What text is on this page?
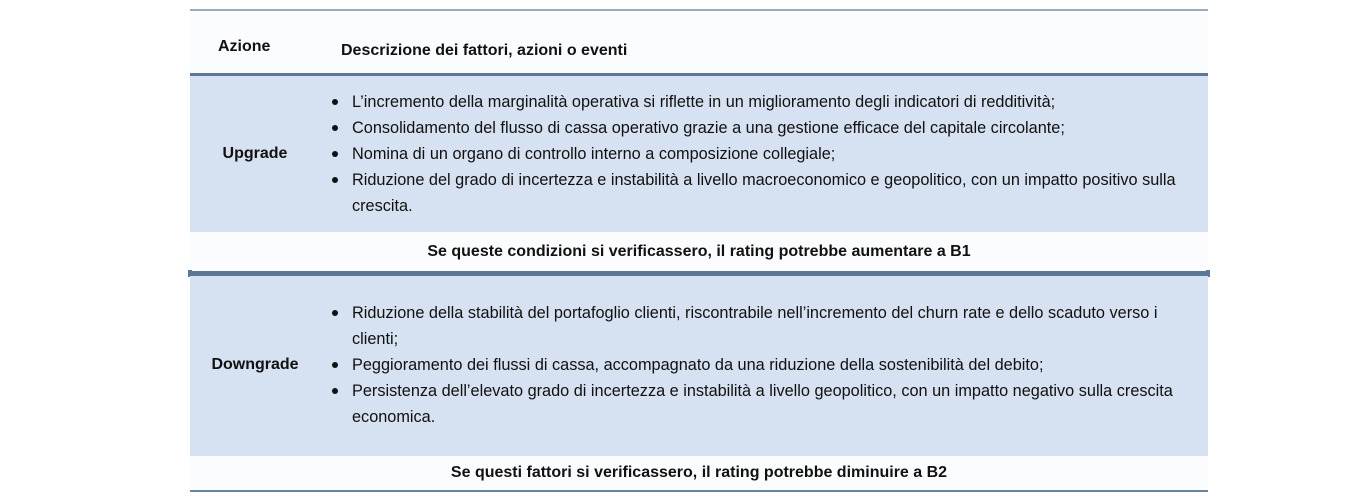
Azione	Descrizione dei fattori, azioni o eventi
Upgrade
L’incremento della marginalità operativa si riflette in un miglioramento degli indicatori di redditività;
Consolidamento del flusso di cassa operativo grazie a una gestione efficace del capitale circolante;
Nomina di un organo di controllo interno a composizione collegiale;
Riduzione del grado di incertezza e instabilità a livello macroeconomico e geopolitico, con un impatto positivo sulla crescita.
Se queste condizioni si verificassero, il rating potrebbe aumentare a B1
Downgrade
Riduzione della stabilità del portafoglio clienti, riscontrabile nell’incremento del churn rate e dello scaduto verso i clienti;
Peggioramento dei flussi di cassa, accompagnato da una riduzione della sostenibilità del debito;
Persistenza dell’elevato grado di incertezza e instabilità a livello geopolitico, con un impatto negativo sulla crescita economica.
Se questi fattori si verificassero, il rating potrebbe diminuire a B2
